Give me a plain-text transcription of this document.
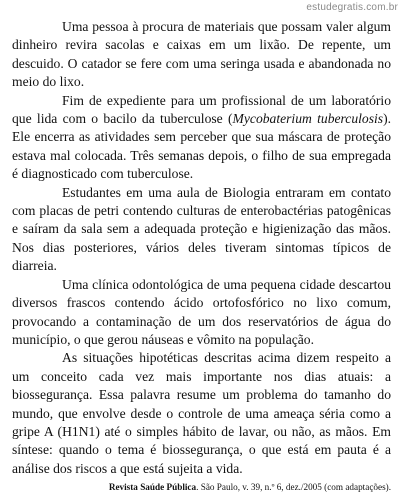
estudegratis.com.br

Uma pessoa à procura de materiais que possam valer algum dinheiro revira sacolas e caixas em um lixão. De repente, um descuido. O catador se fere com uma seringa usada e abandonada no meio do lixo.

Fim de expediente para um profissional de um laboratório que lida com o bacilo da tuberculose (Mycobaterium tuberculosis). Ele encerra as atividades sem perceber que sua máscara de proteção estava mal colocada. Três semanas depois, o filho de sua empregada é diagnosticado com tuberculose.

Estudantes em uma aula de Biologia entraram em contato com placas de petri contendo culturas de enterobactérias patogênicas e saíram da sala sem a adequada proteção e higienização das mãos. Nos dias posteriores, vários deles tiveram sintomas típicos de diarreia.

Uma clínica odontológica de uma pequena cidade descartou diversos frascos contendo ácido ortofosfórico no lixo comum, provocando a contaminação de um dos reservatórios de água do município, o que gerou náuseas e vômito na população.

As situações hipotéticas descritas acima dizem respeito a um conceito cada vez mais importante nos dias atuais: a biossegurança. Essa palavra resume um problema do tamanho do mundo, que envolve desde o controle de uma ameaça séria como a gripe A (H1N1) até o simples hábito de lavar, ou não, as mãos. Em síntese: quando o tema é biossegurança, o que está em pauta é a análise dos riscos a que está sujeita a vida.

Revista Saúde Pública. São Paulo, v. 39, n.º 6, dez./2005 (com adaptações).
